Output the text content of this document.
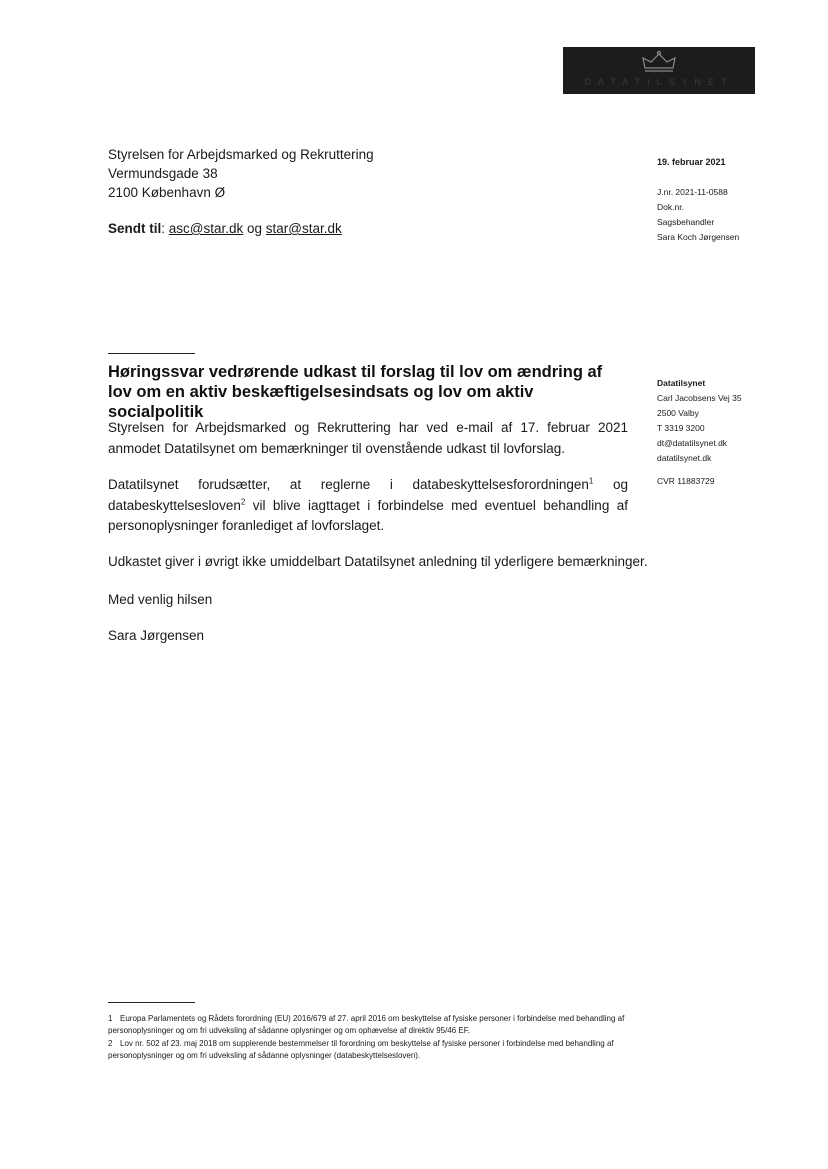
DATATILSYNET
Styrelsen for Arbejdsmarked og Rekruttering
Vermundsgade 38
2100 København Ø
Sendt til: asc@star.dk og star@star.dk
19. februar 2021
J.nr. 2021-11-0588
Dok.nr.
Sagsbehandler
Sara Koch Jørgensen
Datatilsynet
Carl Jacobsens Vej 35
2500 Valby
T 3319 3200
dt@datatilsynet.dk
datatilsynet.dk
CVR 11883729
Høringssvar vedrørende udkast til forslag til lov om ændring af lov om en aktiv beskæftigelsesindsats og lov om aktiv socialpolitik
Styrelsen for Arbejdsmarked og Rekruttering har ved e-mail af 17. februar 2021 anmodet Datatilsynet om bemærkninger til ovenstående udkast til lovforslag.
Datatilsynet forudsætter, at reglerne i databeskyttelsesforordningen$^1$ og databeskyttelsesloven$^2$ vil blive iagttaget i forbindelse med eventuel behandling af personoplysninger foranlediget af lovforslaget.
Udkastet giver i øvrigt ikke umiddelbart Datatilsynet anledning til yderligere bemærkninger.
Med venlig hilsen
Sara Jørgensen
1 Europa Parlamentets og Rådets forordning (EU) 2016/679 af 27. april 2016 om beskyttelse af fysiske personer i forbindelse med behandling af personoplysninger og om fri udveksling af sådanne oplysninger og om ophævelse af direktiv 95/46 EF.
2 Lov nr. 502 af 23. maj 2018 om supplerende bestemmelser til forordning om beskyttelse af fysiske personer i forbindelse med behandling af personoplysninger og om fri udveksling af sådanne oplysninger (databeskyttelsesloven).
